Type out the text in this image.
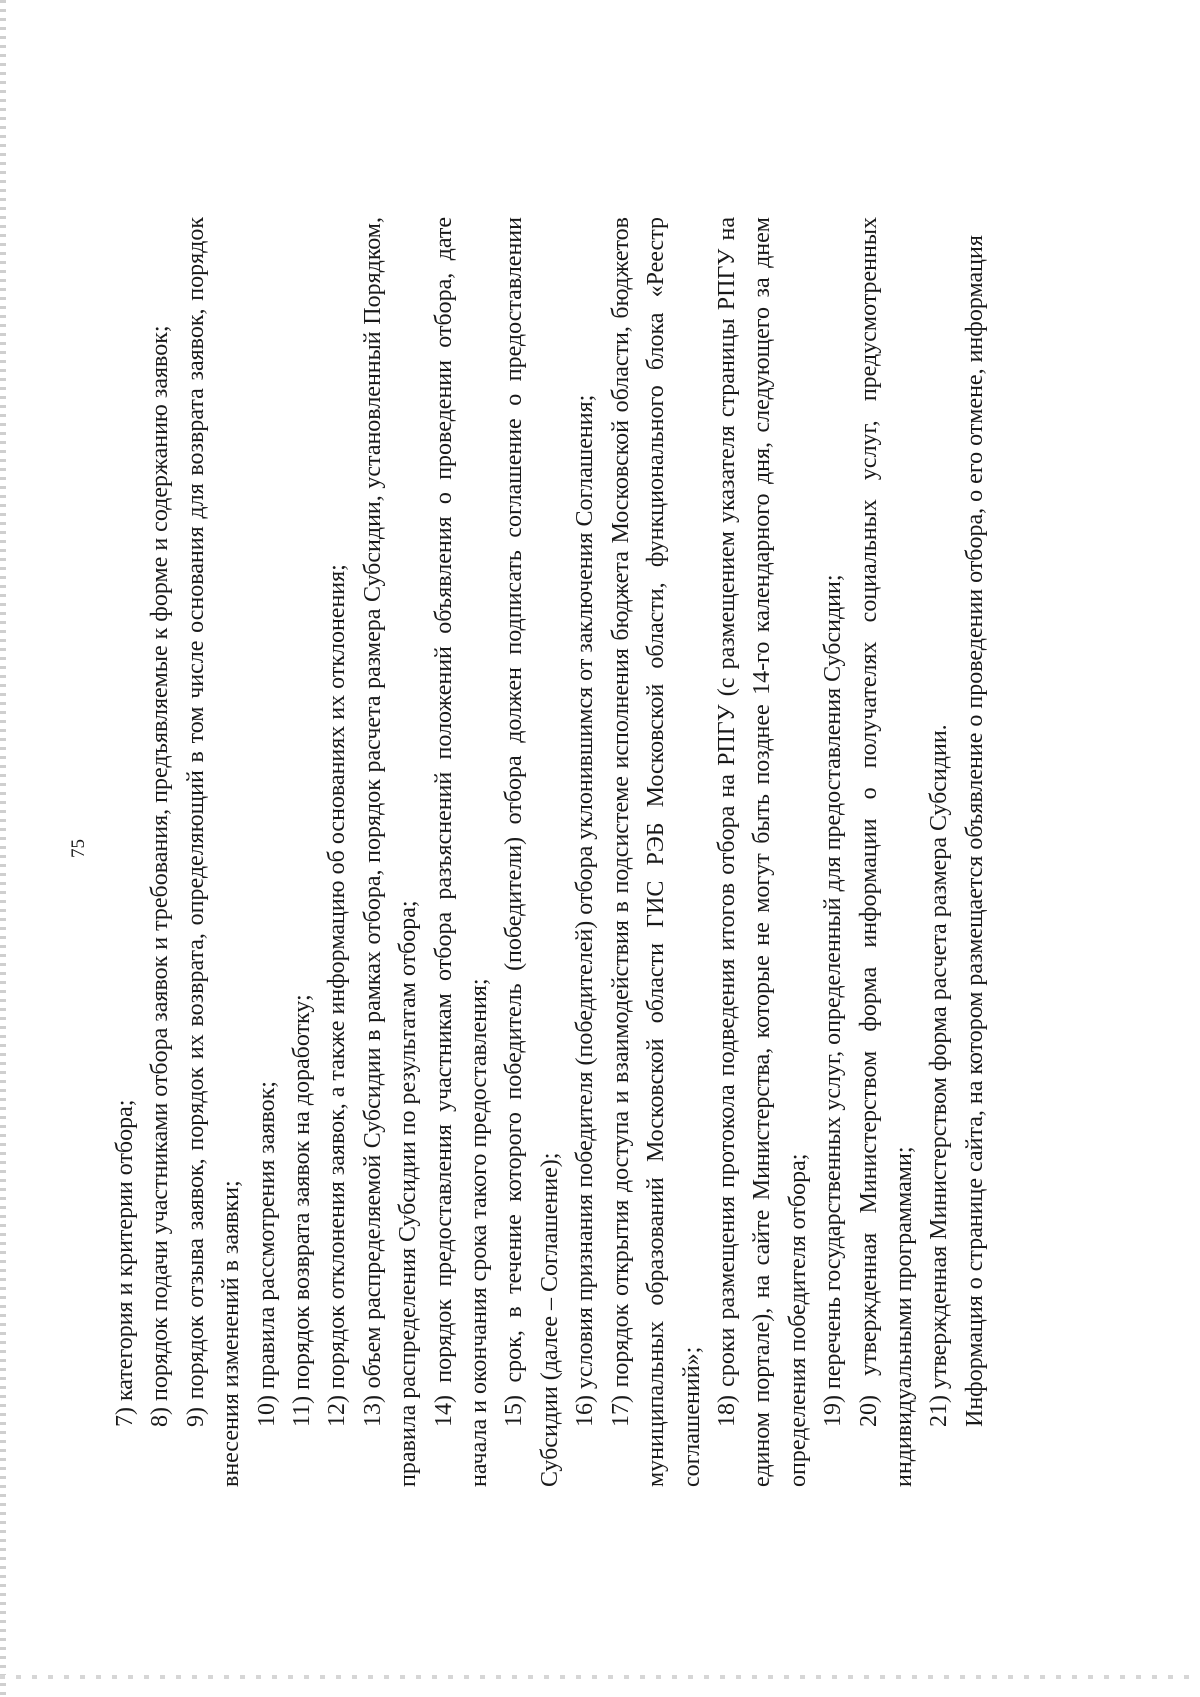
75

7) категория и критерии отбора; 8) порядок подачи участниками отбора заявок и требования, предъявляемые к форме и содержанию заявок; 9) порядок отзыва заявок, порядок их возврата, определяющий в том числе основания для возврата заявок, порядок внесения изменений в заявки; 10) правила рассмотрения заявок; 11) порядок возврата заявок на доработку; 12) порядок отклонения заявок, а также информацию об основаниях их отклонения; 13) объем распределяемой Субсидии в рамках отбора, порядок расчета размера Субсидии, установленный Порядком, правила распределения Субсидии по результатам отбора; 14) порядок предоставления участникам отбора разъяснений положений объявления о проведении отбора, дате начала и окончания срока такого предоставления; 15) срок, в течение которого победитель (победители) отбора должен подписать соглашение о предоставлении Субсидии (далее – Соглашение); 16) условия признания победителя (победителей) отбора уклонившимся от заключения Соглашения; 17) порядок открытия доступа и взаимодействия в подсистеме исполнения бюджета Московской области, бюджетов муниципальных образований Московской области ГИС РЭБ Московской области, функционального блока «Реестр соглашений»; 18) сроки размещения протокола подведения итогов отбора на РПГУ (с размещением указателя страницы РПГУ на едином портале), на сайте Министерства, которые не могут быть позднее 14-го календарного дня, следующего за днем определения победителя отбора; 19) перечень государственных услуг, определенный для предоставления Субсидии; 20) утвержденная Министерством форма информации о получателях социальных услуг, предусмотренных индивидуальными программами; 21) утвержденная Министерством форма расчета размера Субсидии. Информация о странице сайта, на котором размещается объявление о проведении отбора, о его отмене, информация
